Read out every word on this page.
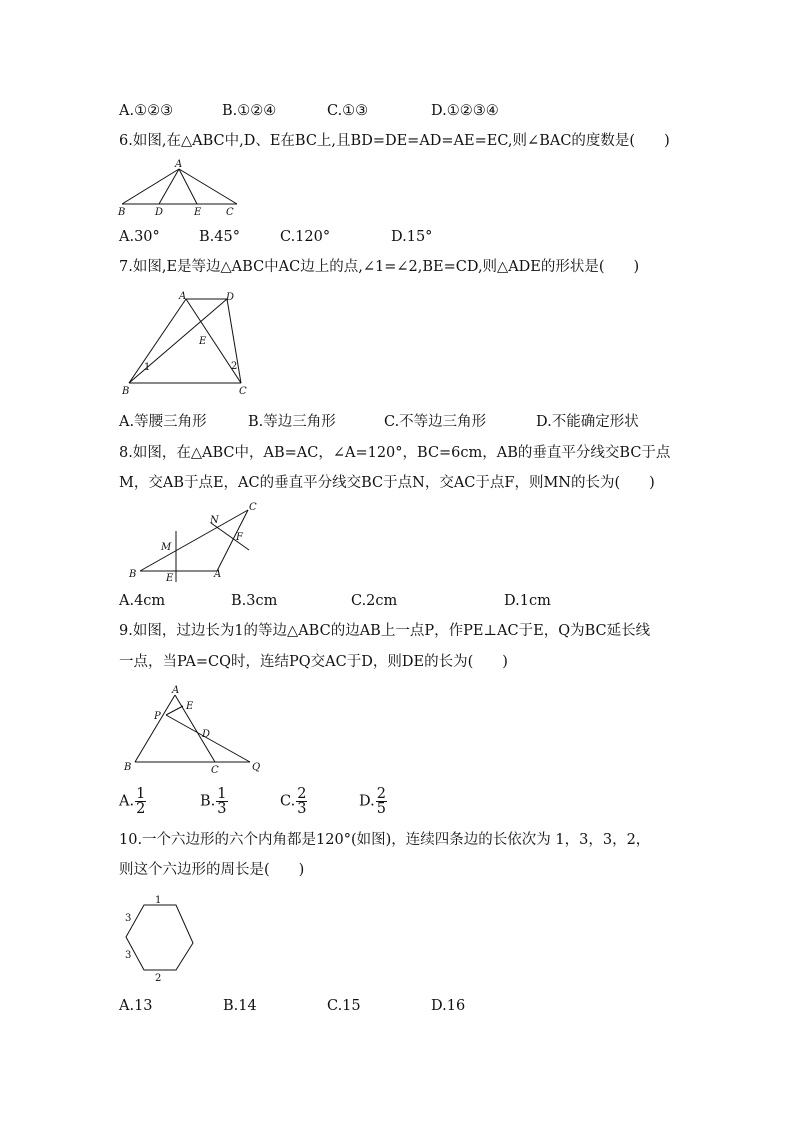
A.①②③	B.①②④	C.①③	D.①②③④
6.如图,在△ABC中,D、E在BC上,且BD=DE=AD=AE=EC,则∠BAC的度数是(　　)
A
B	D	E C
A.30°	B.45°	C.120°	D.15°
7.如图,E是等边△ABC中AC边上的点,∠1=∠2,BE=CD,则△ADE的形状是(　　)
A	D
E
B	C
1	2
A.等腰三角形	B.等边三角形	C.不等边三角形	D.不能确定形状
8.如图，在△ABC中，AB=AC，∠A=120°，BC=6cm，AB的垂直平分线交BC于点
M，交AB于点E，AC的垂直平分线交BC于点N，交AC于点F，则MN的长为(　　)
C
N
F
M
B	E	A
A.4cm	B.3cm	C.2cm	D.1cm
9.如图，过边长为1的等边△ABC的边AB上一点P，作PE⊥AC于E，Q为BC延长线
一点，当PA=CQ时，连结PQ交AC于D，则DE的长为(　　)
A
E
P
D
B	C	Q
A. $\frac{1}{2}$	B. $\frac{1}{3}$	C. $\frac{2}{3}$	D. $\frac{2}{5}$
10.一个六边形的六个内角都是120°(如图)，连续四条边的长依次为 1，3，3，2，
则这个六边形的周长是(　　)
1
3
3
2
A.13	B.14	C.15	D.16
